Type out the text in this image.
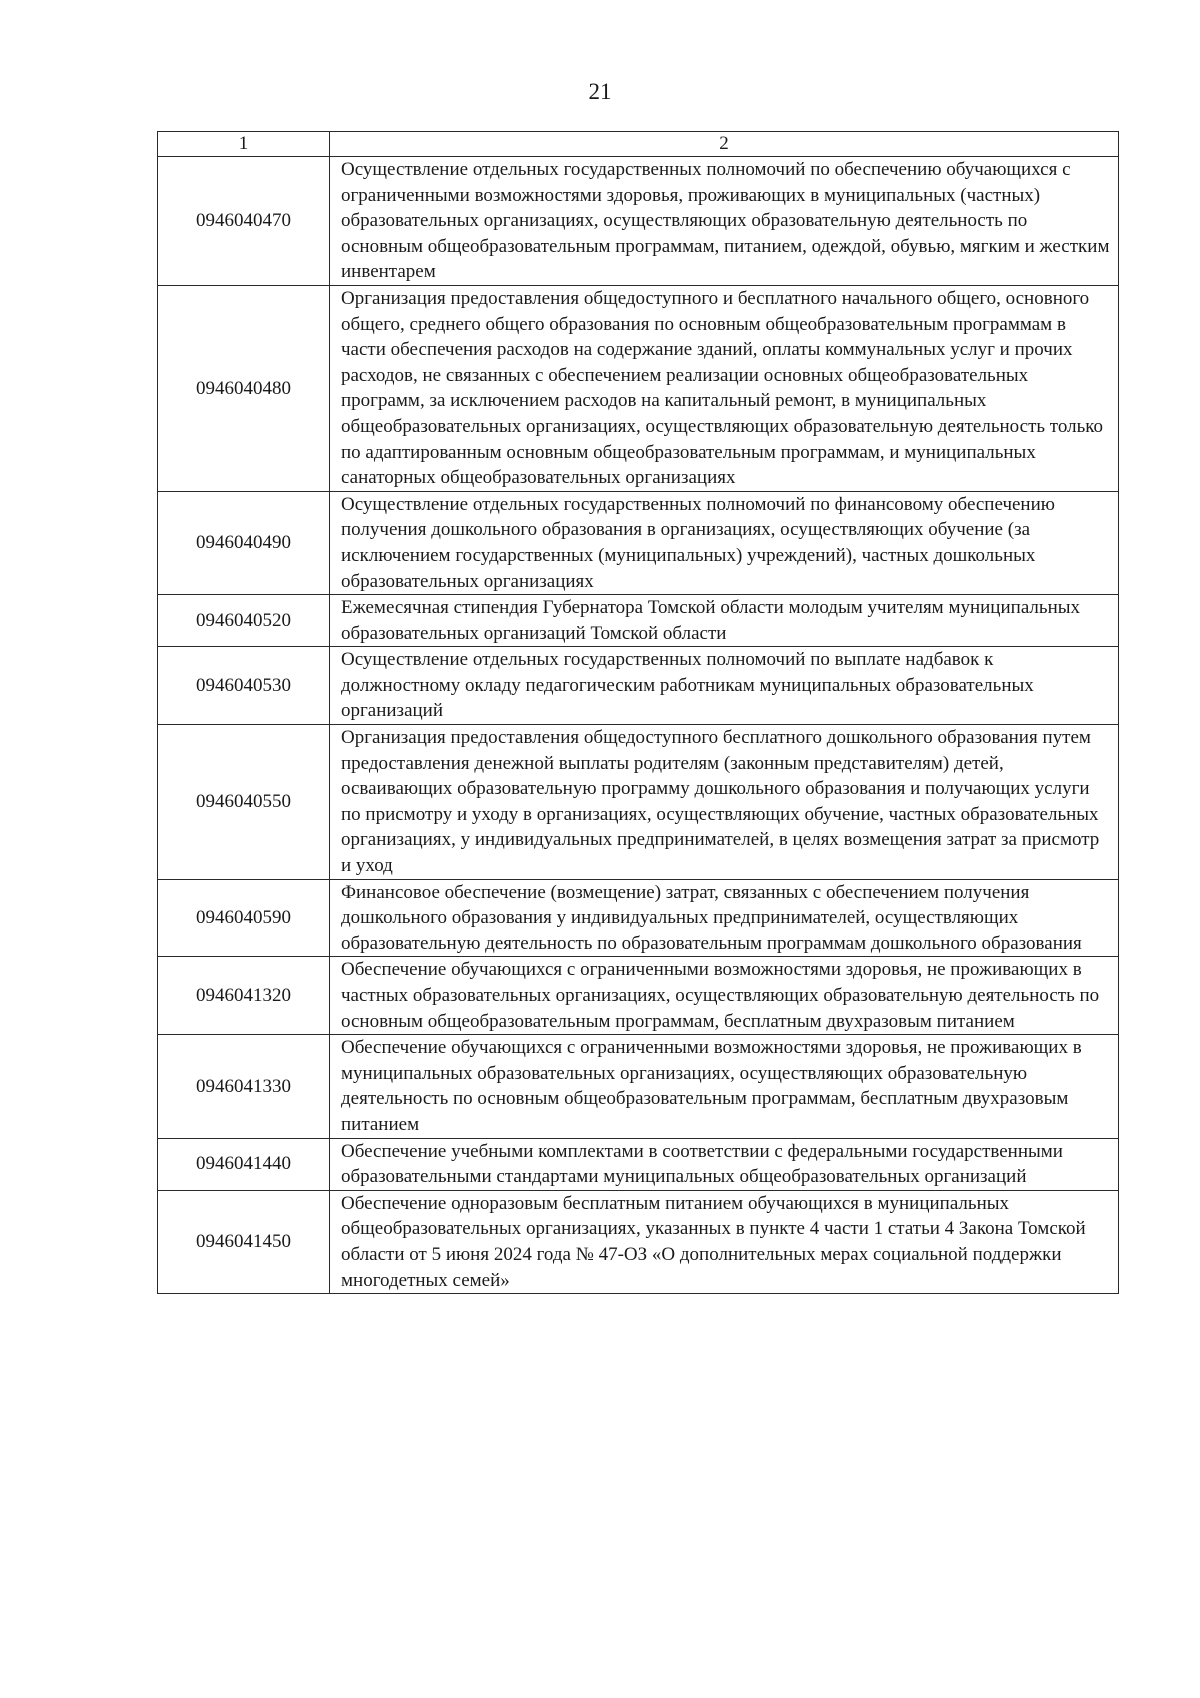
21
1	2
0946040470	Осуществление отдельных государственных полномочий по обеспечению обучающихся с ограниченными возможностями здоровья, проживающих в муниципальных (частных) образовательных организациях, осуществляющих образовательную деятельность по основным общеобразовательным программам, питанием, одеждой, обувью, мягким и жестким инвентарем
0946040480	Организация предоставления общедоступного и бесплатного начального общего, основного общего, среднего общего образования по основным общеобразовательным программам в части обеспечения расходов на содержание зданий, оплаты коммунальных услуг и прочих расходов, не связанных с обеспечением реализации основных общеобразовательных программ, за исключением расходов на капитальный ремонт, в муниципальных общеобразовательных организациях, осуществляющих образовательную деятельность только по адаптированным основным общеобразовательным программам, и муниципальных санаторных общеобразовательных организациях
0946040490	Осуществление отдельных государственных полномочий по финансовому обеспечению получения дошкольного образования в организациях, осуществляющих обучение (за исключением государственных (муниципальных) учреждений), частных дошкольных образовательных организациях
0946040520	Ежемесячная стипендия Губернатора Томской области молодым учителям муниципальных образовательных организаций Томской области
0946040530	Осуществление отдельных государственных полномочий по выплате надбавок к должностному окладу педагогическим работникам муниципальных образовательных организаций
0946040550	Организация предоставления общедоступного бесплатного дошкольного образования путем предоставления денежной выплаты родителям (законным представителям) детей, осваивающих образовательную программу дошкольного образования и получающих услуги по присмотру и уходу в организациях, осуществляющих обучение, частных образовательных организациях, у индивидуальных предпринимателей, в целях возмещения затрат за присмотр и уход
0946040590	Финансовое обеспечение (возмещение) затрат, связанных с обеспечением получения дошкольного образования у индивидуальных предпринимателей, осуществляющих образовательную деятельность по образовательным программам дошкольного образования
0946041320	Обеспечение обучающихся с ограниченными возможностями здоровья, не проживающих в частных образовательных организациях, осуществляющих образовательную деятельность по основным общеобразовательным программам, бесплатным двухразовым питанием
0946041330	Обеспечение обучающихся с ограниченными возможностями здоровья, не проживающих в муниципальных образовательных организациях, осуществляющих образовательную деятельность по основным общеобразовательным программам, бесплатным двухразовым питанием
0946041440	Обеспечение учебными комплектами в соответствии с федеральными государственными образовательными стандартами муниципальных общеобразовательных организаций
0946041450	Обеспечение одноразовым бесплатным питанием обучающихся в муниципальных общеобразовательных организациях, указанных в пункте 4 части 1 статьи 4 Закона Томской области от 5 июня 2024 года № 47-ОЗ «О дополнительных мерах социальной поддержки многодетных семей»
